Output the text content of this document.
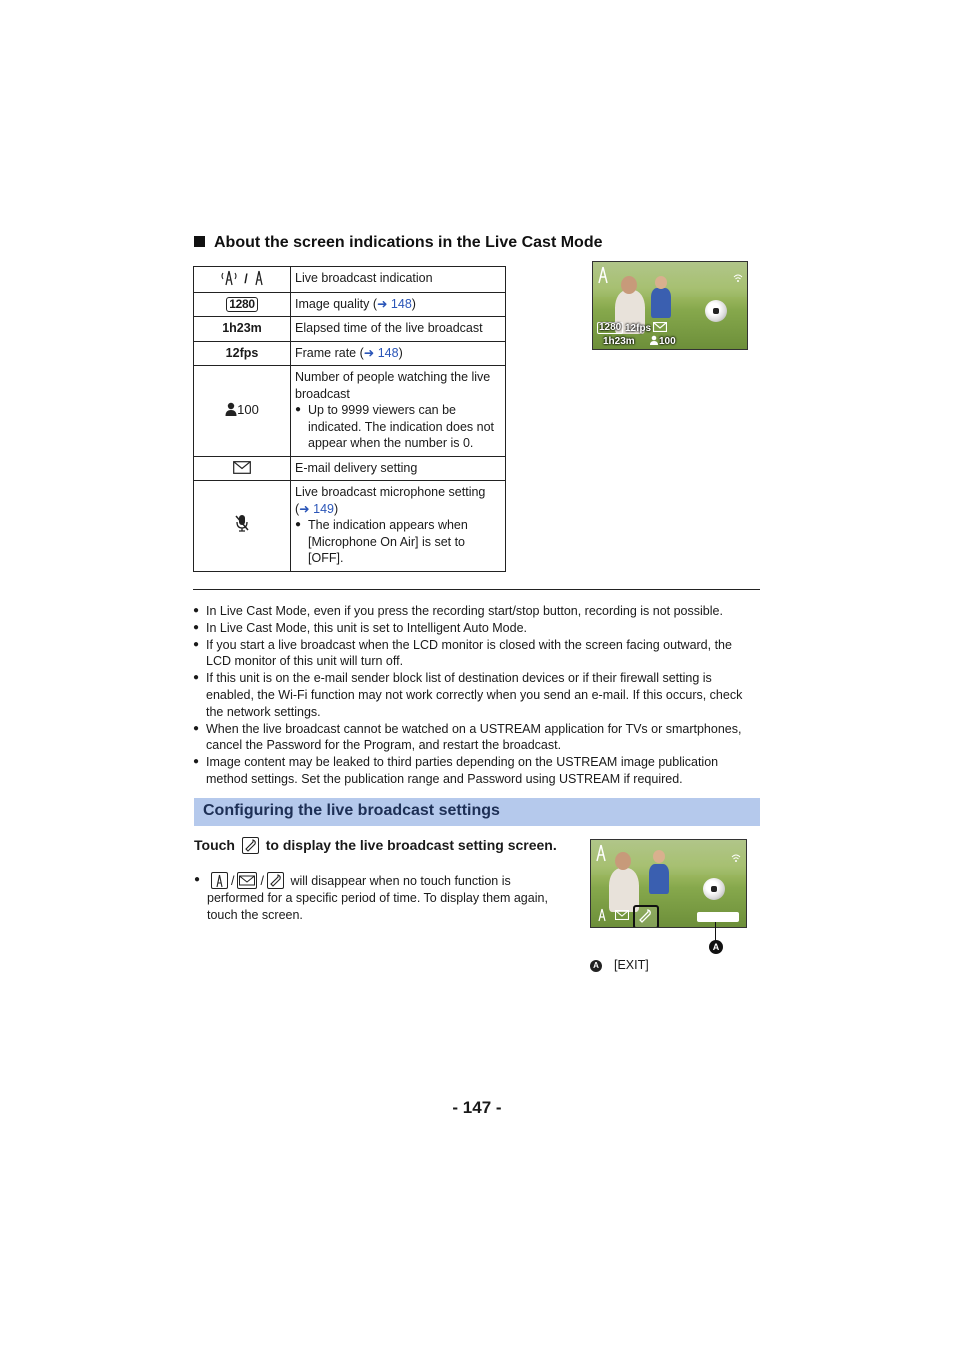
About the screen indications in the Live Cast Mode
/	Live broadcast indication
1280	Image quality (➜ 148)
1h23m	Elapsed time of the live broadcast
12fps	Frame rate (➜ 148)
100	Number of people watching the live broadcast
● Up to 9999 viewers can be indicated. The indication does not appear when the number is 0.

	E-mail delivery setting

Live broadcast microphone setting
(➜ 149)
● The indication appears when [Microphone On Air] is set to [OFF].
1280 12fps
1h23m 100
● In Live Cast Mode, even if you press the recording start/stop button, recording is not possible.
● In Live Cast Mode, this unit is set to Intelligent Auto Mode.
● If you start a live broadcast when the LCD monitor is closed with the screen facing outward, the LCD monitor of this unit will turn off.
● If this unit is on the e-mail sender block list of destination devices or if their firewall setting is enabled, the Wi-Fi function may not work correctly when you send an e-mail. If this occurs, check the network settings.
● When the live broadcast cannot be watched on a USTREAM application for TVs or smartphones, cancel the Password for the Program, and restart the broadcast.
● Image content may be leaked to third parties depending on the USTREAM image publication method settings. Set the publication range and Password using USTREAM if required.
Configuring the live broadcast settings
Touch to display the live broadcast setting screen.
●	/ / will disappear when no touch function is performed for a specific period of time. To display them again, touch the screen.
A
A [EXIT]
- 147 -
